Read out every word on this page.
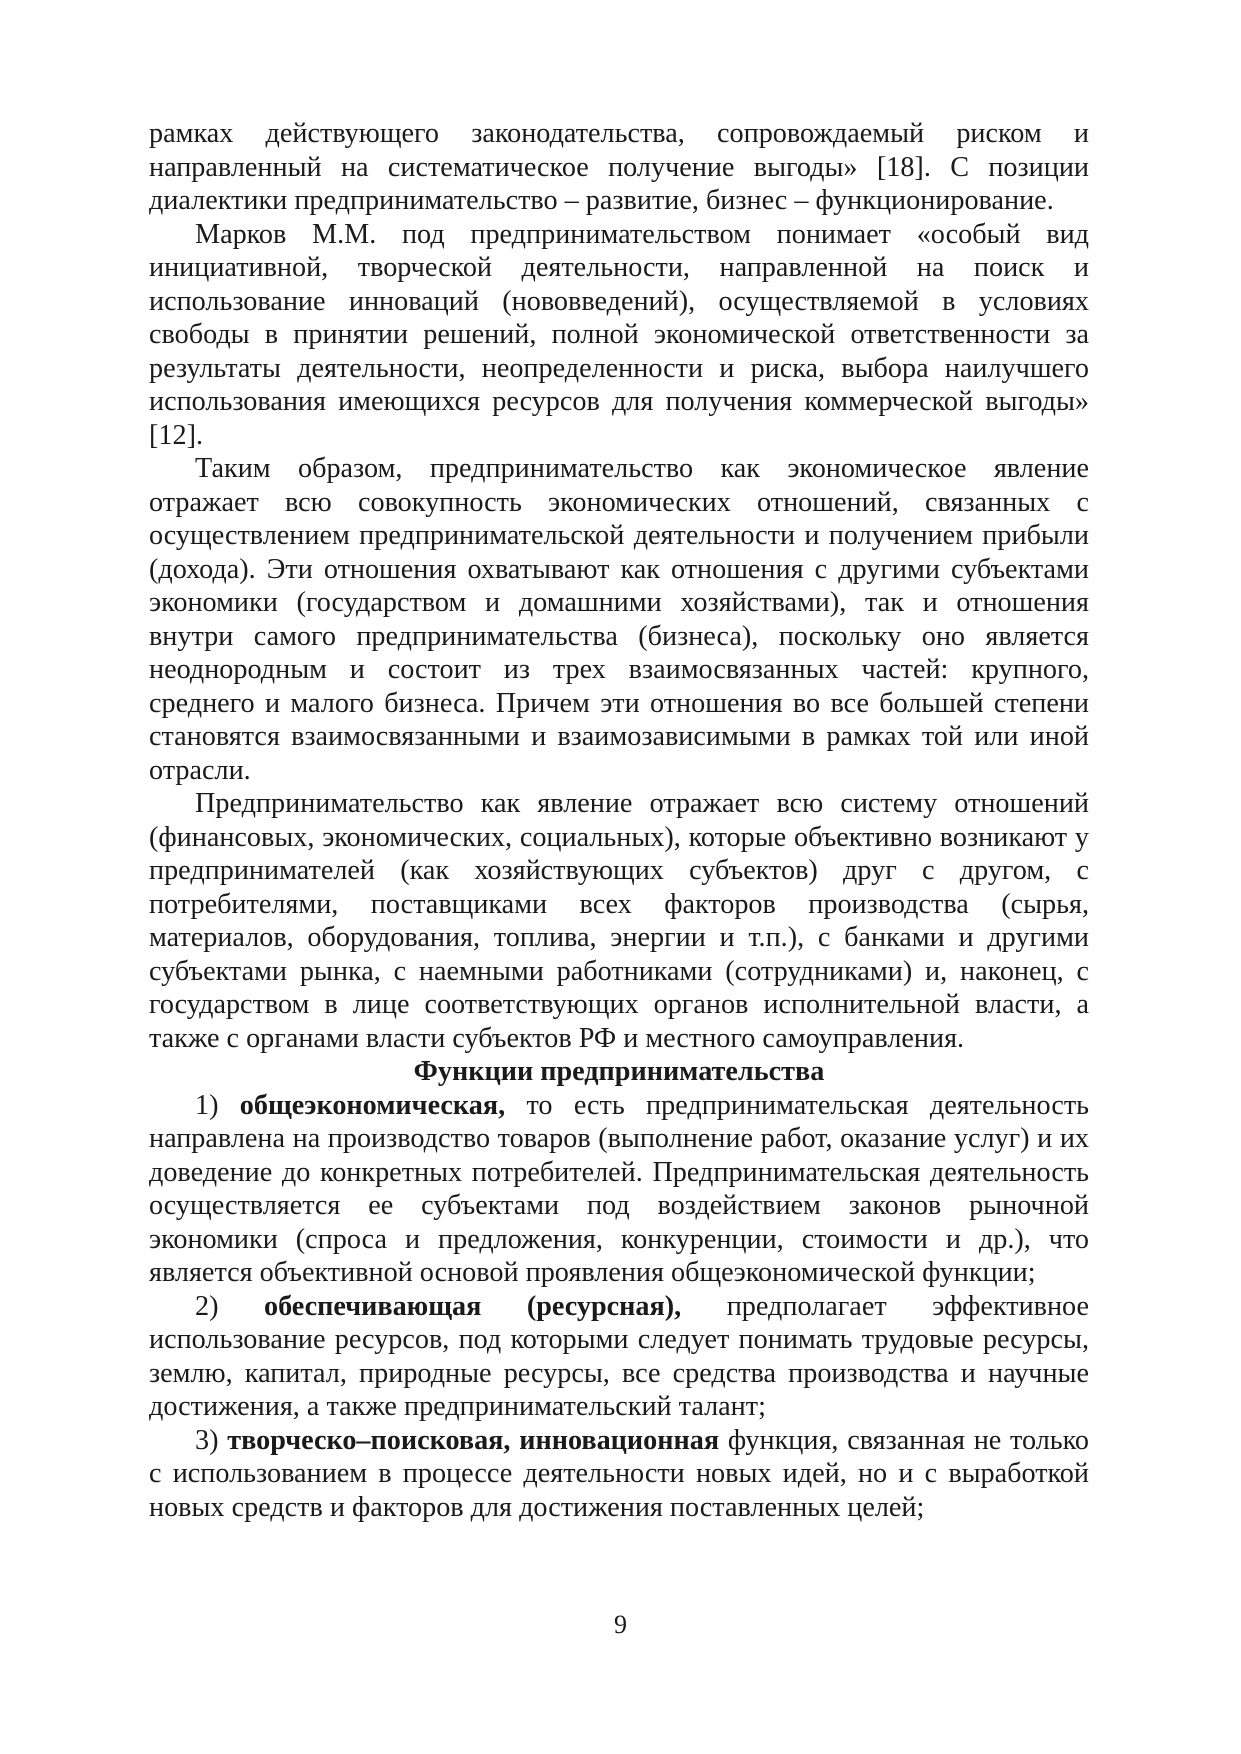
рамках действующего законодательства, сопровождаемый риском и направленный на систематическое получение выгоды» [18]. С позиции диалектики предпринимательство – развитие, бизнес – функционирование.

Марков М.М. под предпринимательством понимает «особый вид инициативной, творческой деятельности, направленной на поиск и использование инноваций (нововведений), осуществляемой в условиях свободы в принятии решений, полной экономической ответственности за результаты деятельности, неопределенности и риска, выбора наилучшего использования имеющихся ресурсов для получения коммерческой выгоды» [12].

Таким образом, предпринимательство как экономическое явление отражает всю совокупность экономических отношений, связанных с осуществлением предпринимательской деятельности и получением прибыли (дохода). Эти отношения охватывают как отношения с другими субъектами экономики (государством и домашними хозяйствами), так и отношения внутри самого предпринимательства (бизнеса), поскольку оно является неоднородным и состоит из трех взаимосвязанных частей: крупного, среднего и малого бизнеса. Причем эти отношения во все большей степени становятся взаимосвязанными и взаимозависимыми в рамках той или иной отрасли.

Предпринимательство как явление отражает всю систему отношений (финансовых, экономических, социальных), которые объективно возникают у предпринимателей (как хозяйствующих субъектов) друг с другом, с потребителями, поставщиками всех факторов производства (сырья, материалов, оборудования, топлива, энергии и т.п.), с банками и другими субъектами рынка, с наемными работниками (сотрудниками) и, наконец, с государством в лице соответствующих органов исполнительной власти, а также с органами власти субъектов РФ и местного самоуправления.

Функции предпринимательства

1) общеэкономическая, то есть предпринимательская деятельность направлена на производство товаров (выполнение работ, оказание услуг) и их доведение до конкретных потребителей. Предпринимательская деятельность осуществляется ее субъектами под воздействием законов рыночной экономики (спроса и предложения, конкуренции, стоимости и др.), что является объективной основой проявления общеэкономической функции;

2) обеспечивающая (ресурсная), предполагает эффективное использование ресурсов, под которыми следует понимать трудовые ресурсы, землю, капитал, природные ресурсы, все средства производства и научные достижения, а также предпринимательский талант;

3) творческо–поисковая, инновационная функция, связанная не только с использованием в процессе деятельности новых идей, но и с выработкой новых средств и факторов для достижения поставленных целей;

9
